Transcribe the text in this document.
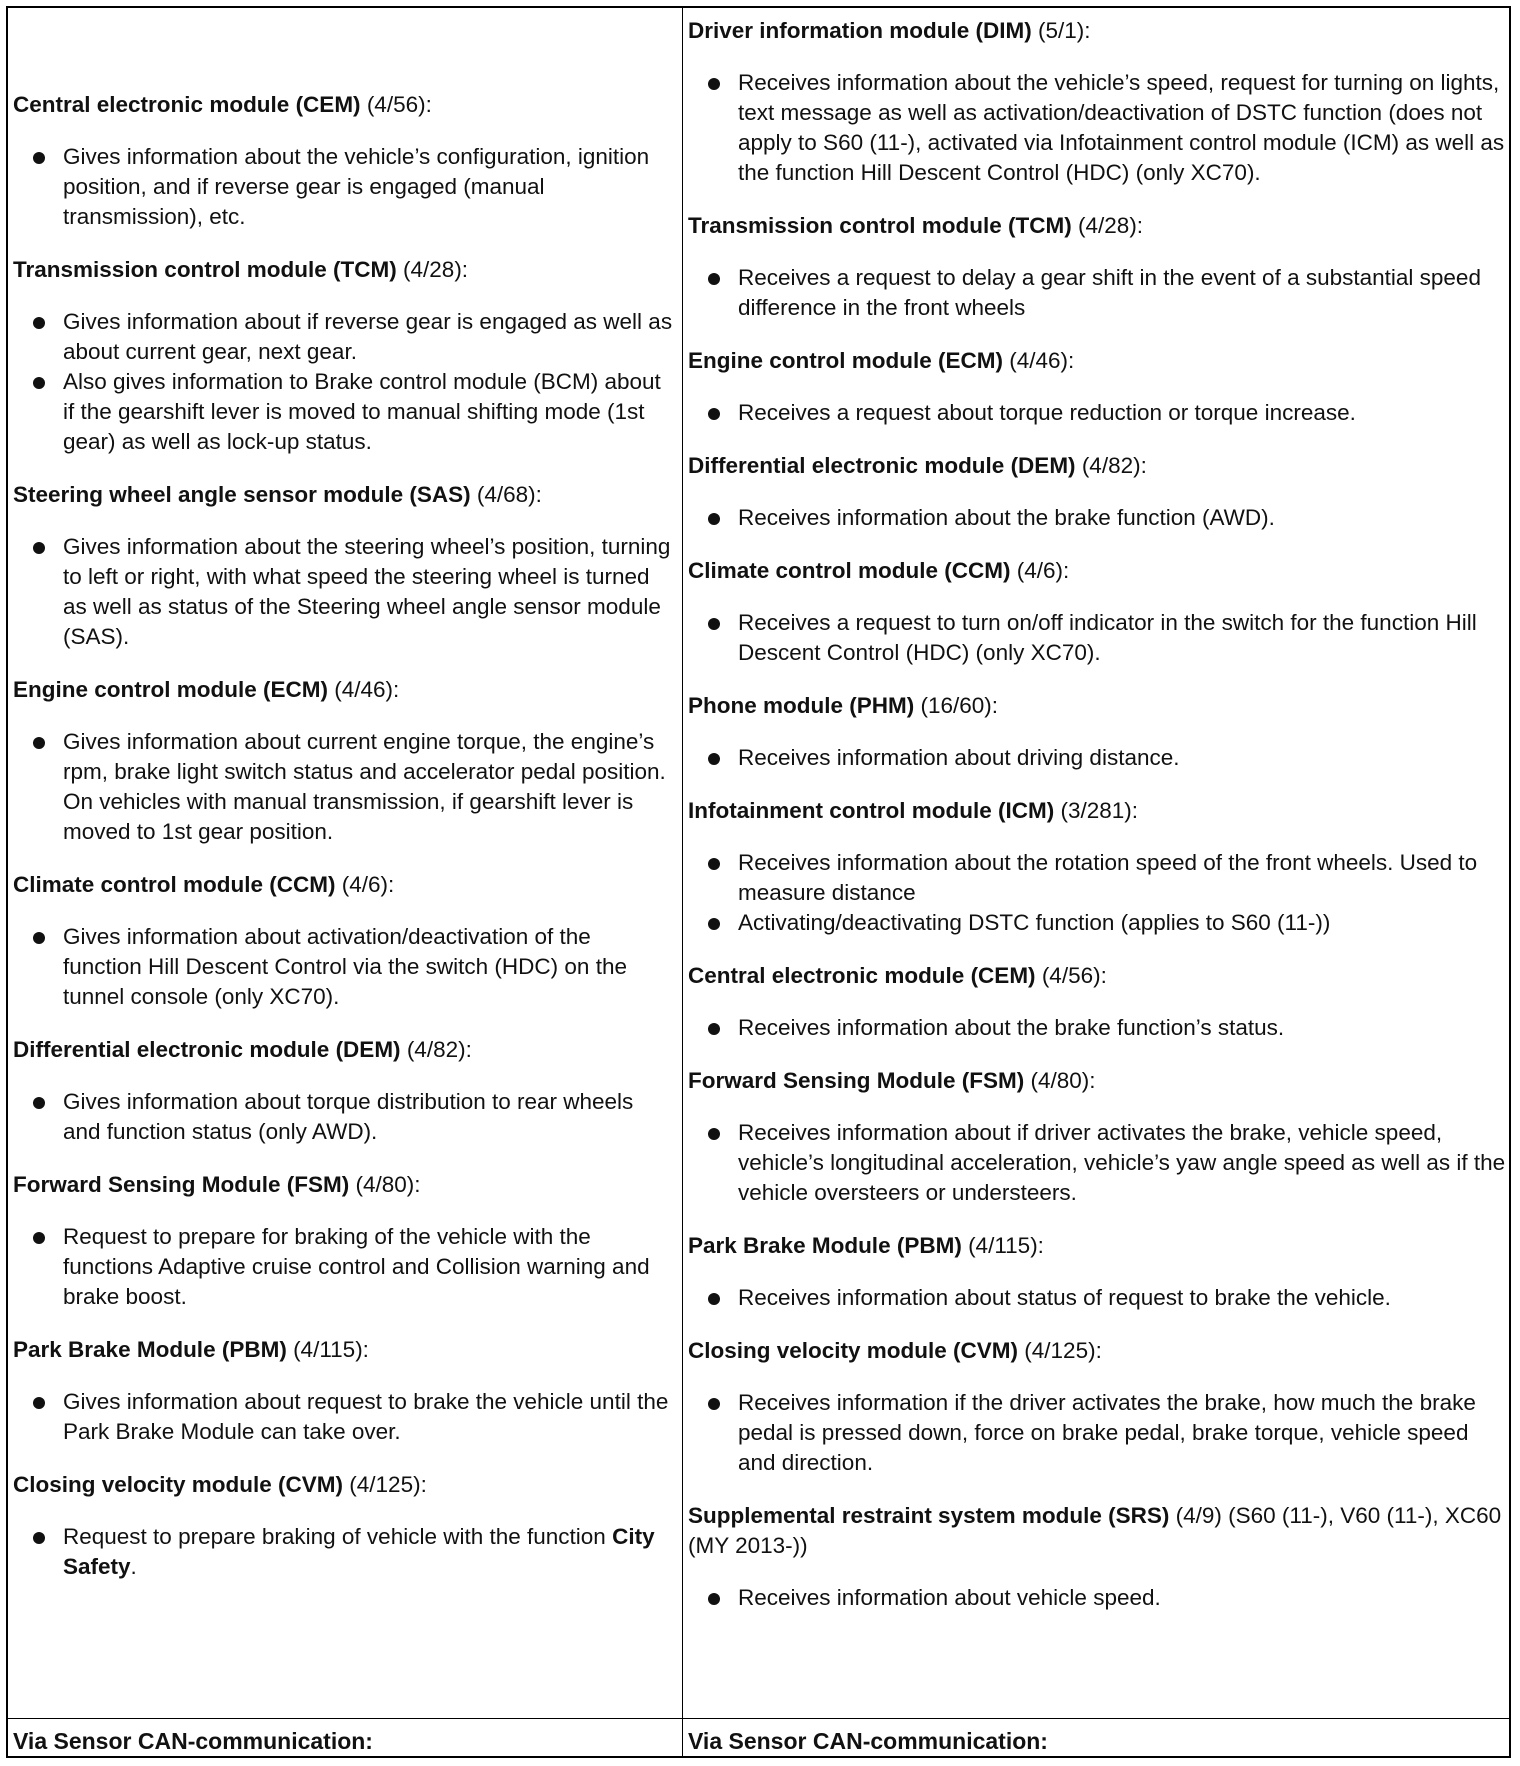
Central electronic module (CEM) (4/56):

Gives information about the vehicle’s configuration, ignition position, and if reverse gear is engaged (manual transmission), etc.

Transmission control module (TCM) (4/28):

Gives information about if reverse gear is engaged as well as about current gear, next gear.
Also gives information to Brake control module (BCM) about if the gearshift lever is moved to manual shifting mode (1st gear) as well as lock-up status.

Steering wheel angle sensor module (SAS) (4/68):

Gives information about the steering wheel’s position, turning to left or right, with what speed the steering wheel is turned as well as status of the Steering wheel angle sensor module (SAS).

Engine control module (ECM) (4/46):

Gives information about current engine torque, the engine’s rpm, brake light switch status and accelerator pedal position. On vehicles with manual transmission, if gearshift lever is moved to 1st gear position.

Climate control module (CCM) (4/6):

Gives information about activation/deactivation of the function Hill Descent Control via the switch (HDC) on the tunnel console (only XC70).

Differential electronic module (DEM) (4/82):

Gives information about torque distribution to rear wheels and function status (only AWD).

Forward Sensing Module (FSM) (4/80):

Request to prepare for braking of the vehicle with the functions Adaptive cruise control and Collision warning and brake boost.

Park Brake Module (PBM) (4/115):

Gives information about request to brake the vehicle until the Park Brake Module can take over.

Closing velocity module (CVM) (4/125):

Request to prepare braking of vehicle with the function City Safety.

Driver information module (DIM) (5/1):

Receives information about the vehicle’s speed, request for turning on lights, text message as well as activation/deactivation of DSTC function (does not apply to S60 (11-), activated via Infotainment control module (ICM) as well as the function Hill Descent Control (HDC) (only XC70).

Transmission control module (TCM) (4/28):

Receives a request to delay a gear shift in the event of a substantial speed difference in the front wheels

Engine control module (ECM) (4/46):

Receives a request about torque reduction or torque increase.

Differential electronic module (DEM) (4/82):

Receives information about the brake function (AWD).

Climate control module (CCM) (4/6):

Receives a request to turn on/off indicator in the switch for the function Hill Descent Control (HDC) (only XC70).

Phone module (PHM) (16/60):

Receives information about driving distance.

Infotainment control module (ICM) (3/281):

Receives information about the rotation speed of the front wheels. Used to measure distance
Activating/deactivating DSTC function (applies to S60 (11-))

Central electronic module (CEM) (4/56):

Receives information about the brake function’s status.

Forward Sensing Module (FSM) (4/80):

Receives information about if driver activates the brake, vehicle speed, vehicle’s longitudinal acceleration, vehicle’s yaw angle speed as well as if the vehicle oversteers or understeers.

Park Brake Module (PBM) (4/115):

Receives information about status of request to brake the vehicle.

Closing velocity module (CVM) (4/125):

Receives information if the driver activates the brake, how much the brake pedal is pressed down, force on brake pedal, brake torque, vehicle speed and direction.

Supplemental restraint system module (SRS) (4/9) (S60 (11-), V60 (11-), XC60 (MY 2013-))

Receives information about vehicle speed.
Via Sensor CAN-communication:	Via Sensor CAN-communication:
